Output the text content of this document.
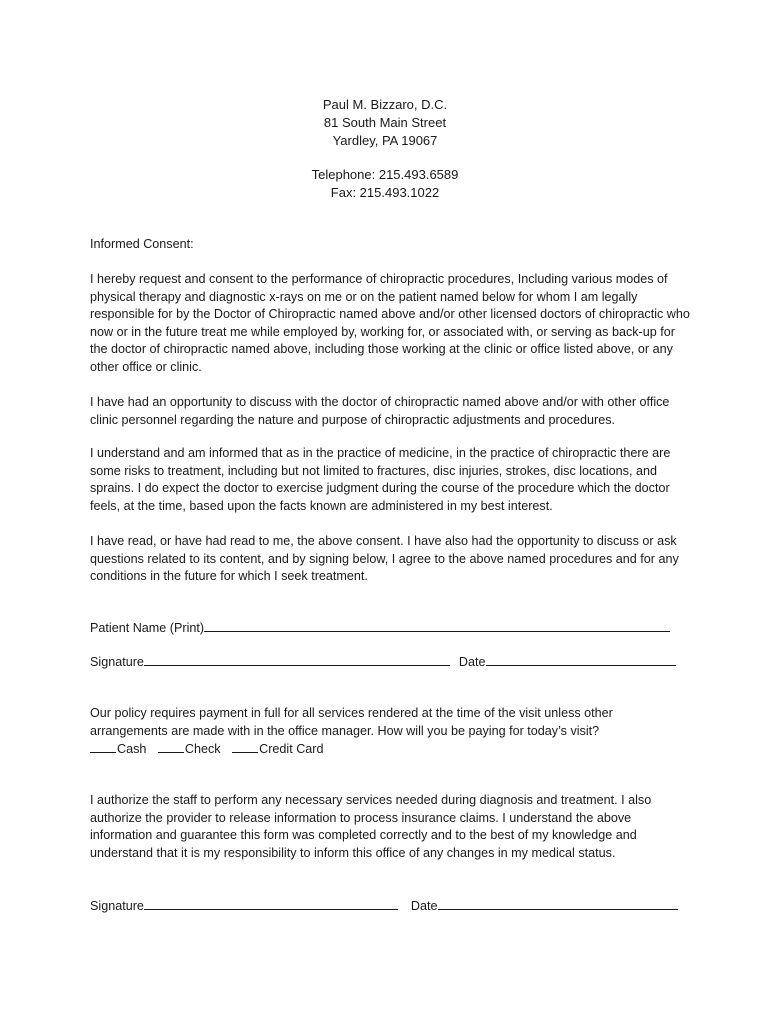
Paul M. Bizzaro, D.C.
81 South Main Street
Yardley, PA 19067
Telephone: 215.493.6589
Fax: 215.493.1022

Informed Consent:

I hereby request and consent to the performance of chiropractic procedures, Including various modes of physical therapy and diagnostic x-rays on me or on the patient named below for whom I am legally responsible for by the Doctor of Chiropractic named above and/or other licensed doctors of chiropractic who now or in the future treat me while employed by, working for, or associated with, or serving as back-up for the doctor of chiropractic named above, including those working at the clinic or office listed above, or any other office or clinic.

I have had an opportunity to discuss with the doctor of chiropractic named above and/or with other office clinic personnel regarding the nature and purpose of chiropractic adjustments and procedures.

I understand and am informed that as in the practice of medicine, in the practice of chiropractic there are some risks to treatment, including but not limited to fractures, disc injuries, strokes, disc locations, and sprains. I do expect the doctor to exercise judgment during the course of the procedure which the doctor feels, at the time, based upon the facts known are administered in my best interest.

I have read, or have had read to me, the above consent. I have also had the opportunity to discuss or ask questions related to its content, and by signing below, I agree to the above named procedures and for any conditions in the future for which I seek treatment.

Patient Name (Print)
Signature	Date

Our policy requires payment in full for all services rendered at the time of the visit unless other arrangements are made with in the office manager. How will you be paying for today’s visit?

Cash	Check	Credit Card

I authorize the staff to perform any necessary services needed during diagnosis and treatment. I also authorize the provider to release information to process insurance claims. I understand the above information and guarantee this form was completed correctly and to the best of my knowledge and understand that it is my responsibility to inform this office of any changes in my medical status.

Signature	Date
